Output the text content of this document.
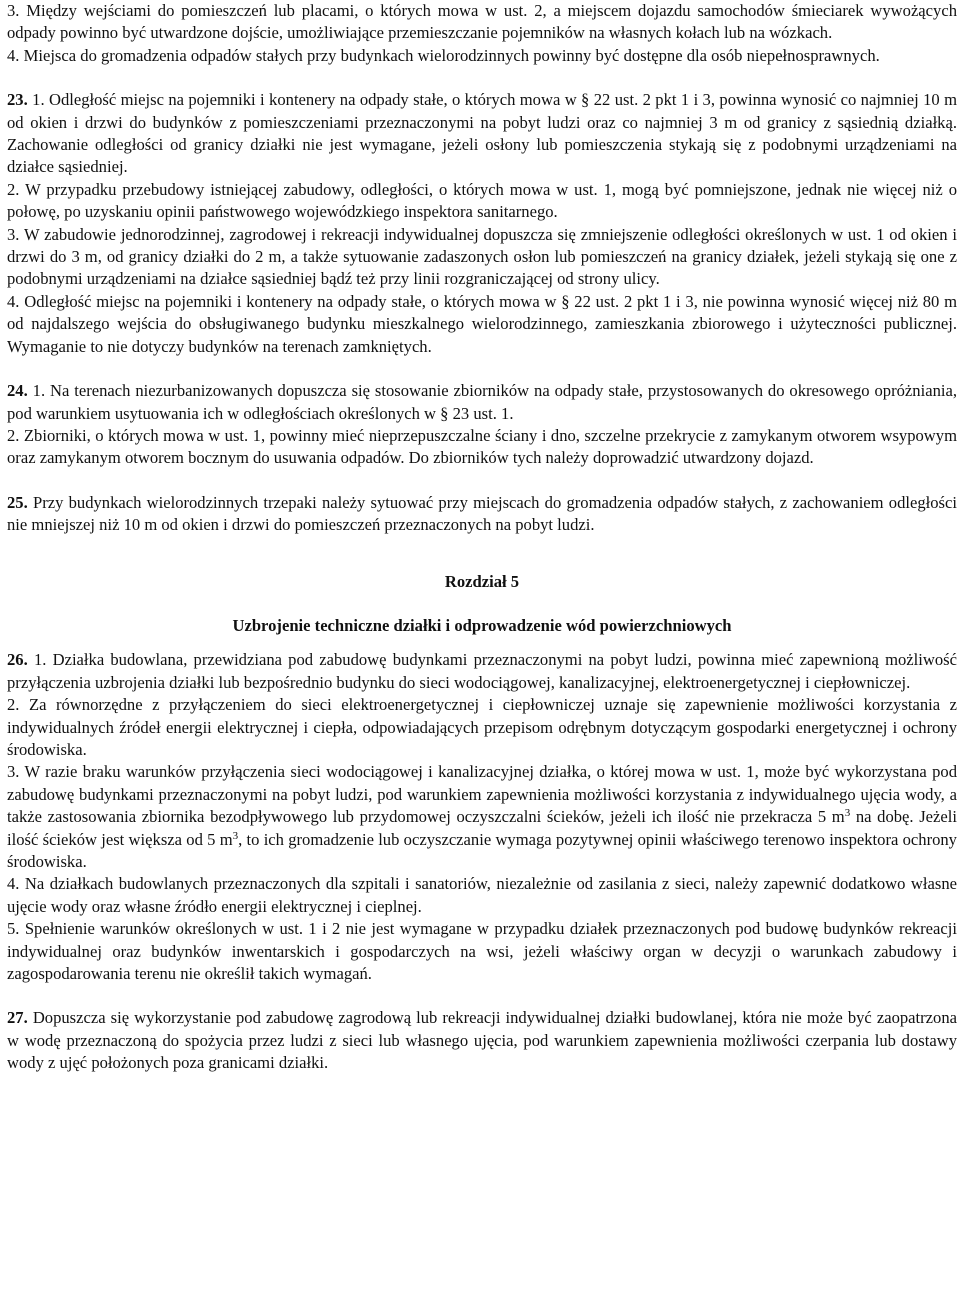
3. Między wejściami do pomieszczeń lub placami, o których mowa w ust. 2, a miejscem dojazdu samochodów śmieciarek wywożących odpady powinno być utwardzone dojście, umożliwiające przemieszczanie pojemników na własnych kołach lub na wózkach.

4. Miejsca do gromadzenia odpadów stałych przy budynkach wielorodzinnych powinny być dostępne dla osób niepełnosprawnych.

23. 1. Odległość miejsc na pojemniki i kontenery na odpady stałe, o których mowa w § 22 ust. 2 pkt 1 i 3, powinna wynosić co najmniej 10 m od okien i drzwi do budynków z pomieszczeniami przeznaczonymi na pobyt ludzi oraz co najmniej 3 m od granicy z sąsiednią działką. Zachowanie odległości od granicy działki nie jest wymagane, jeżeli osłony lub pomieszczenia stykają się z podobnymi urządzeniami na działce sąsiedniej.

2. W przypadku przebudowy istniejącej zabudowy, odległości, o których mowa w ust. 1, mogą być pomniejszone, jednak nie więcej niż o połowę, po uzyskaniu opinii państwowego wojewódzkiego inspektora sanitarnego.

3. W zabudowie jednorodzinnej, zagrodowej i rekreacji indywidualnej dopuszcza się zmniejszenie odległości określonych w ust. 1 od okien i drzwi do 3 m, od granicy działki do 2 m, a także sytuowanie zadaszonych osłon lub pomieszczeń na granicy działek, jeżeli stykają się one z podobnymi urządzeniami na działce sąsiedniej bądź też przy linii rozgraniczającej od strony ulicy.

4. Odległość miejsc na pojemniki i kontenery na odpady stałe, o których mowa w § 22 ust. 2 pkt 1 i 3, nie powinna wynosić więcej niż 80 m od najdalszego wejścia do obsługiwanego budynku mieszkalnego wielorodzinnego, zamieszkania zbiorowego i użyteczności publicznej. Wymaganie to nie dotyczy budynków na terenach zamkniętych.

24. 1. Na terenach niezurbanizowanych dopuszcza się stosowanie zbiorników na odpady stałe, przystosowanych do okresowego opróżniania, pod warunkiem usytuowania ich w odległościach określonych w § 23 ust. 1.

2. Zbiorniki, o których mowa w ust. 1, powinny mieć nieprzepuszczalne ściany i dno, szczelne przekrycie z zamykanym otworem wsypowym oraz zamykanym otworem bocznym do usuwania odpadów. Do zbiorników tych należy doprowadzić utwardzony dojazd.

25. Przy budynkach wielorodzinnych trzepaki należy sytuować przy miejscach do gromadzenia odpadów stałych, z zachowaniem odległości nie mniejszej niż 10 m od okien i drzwi do pomieszczeń przeznaczonych na pobyt ludzi.

Rozdział 5

Uzbrojenie techniczne działki i odprowadzenie wód powierzchniowych

26. 1. Działka budowlana, przewidziana pod zabudowę budynkami przeznaczonymi na pobyt ludzi, powinna mieć zapewnioną możliwość przyłączenia uzbrojenia działki lub bezpośrednio budynku do sieci wodociągowej, kanalizacyjnej, elektroenergetycznej i ciepłowniczej.

2. Za równorzędne z przyłączeniem do sieci elektroenergetycznej i ciepłowniczej uznaje się zapewnienie możliwości korzystania z indywidualnych źródeł energii elektrycznej i ciepła, odpowiadających przepisom odrębnym dotyczącym gospodarki energetycznej i ochrony środowiska.

3. W razie braku warunków przyłączenia sieci wodociągowej i kanalizacyjnej działka, o której mowa w ust. 1, może być wykorzystana pod zabudowę budynkami przeznaczonymi na pobyt ludzi, pod warunkiem zapewnienia możliwości korzystania z indywidualnego ujęcia wody, a także zastosowania zbiornika bezodpływowego lub przydomowej oczyszczalni ścieków, jeżeli ich ilość nie przekracza 5 $m^3$ na dobę. Jeżeli ilość ścieków jest większa od 5 $m^3$, to ich gromadzenie lub oczyszczanie wymaga pozytywnej opinii właściwego terenowo inspektora ochrony środowiska.

4. Na działkach budowlanych przeznaczonych dla szpitali i sanatoriów, niezależnie od zasilania z sieci, należy zapewnić dodatkowo własne ujęcie wody oraz własne źródło energii elektrycznej i cieplnej.

5. Spełnienie warunków określonych w ust. 1 i 2 nie jest wymagane w przypadku działek przeznaczonych pod budowę budynków rekreacji indywidualnej oraz budynków inwentarskich i gospodarczych na wsi, jeżeli właściwy organ w decyzji o warunkach zabudowy i zagospodarowania terenu nie określił takich wymagań.

27. Dopuszcza się wykorzystanie pod zabudowę zagrodową lub rekreacji indywidualnej działki budowlanej, która nie może być zaopatrzona w wodę przeznaczoną do spożycia przez ludzi z sieci lub własnego ujęcia, pod warunkiem zapewnienia możliwości czerpania lub dostawy wody z ujęć położonych poza granicami działki.
